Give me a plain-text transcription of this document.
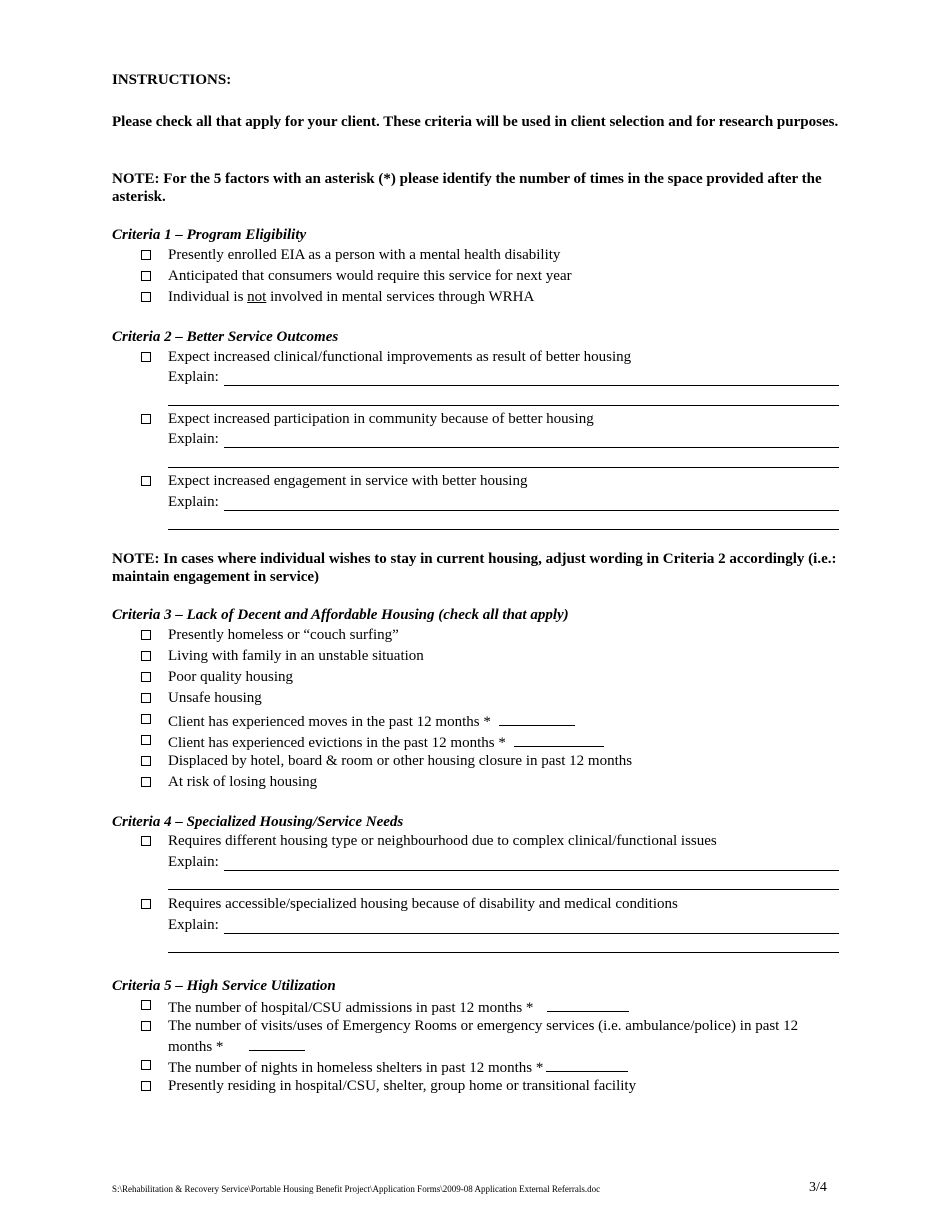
INSTRUCTIONS:
Please check all that apply for your client. These criteria will be used in client selection and for research purposes.
NOTE: For the 5 factors with an asterisk (*) please identify the number of times in the space provided after the asterisk.
Criteria 1 – Program Eligibility
Presently enrolled EIA as a person with a mental health disability
Anticipated that consumers would require this service for next year
Individual is not involved in mental services through WRHA
Criteria 2 – Better Service Outcomes
Expect increased clinical/functional improvements as result of better housing
Explain:
Expect increased participation in community because of better housing
Explain:
Expect increased engagement in service with better housing
Explain:
NOTE: In cases where individual wishes to stay in current housing, adjust wording in Criteria 2 accordingly (i.e.: maintain engagement in service)
Criteria 3 – Lack of Decent and Affordable Housing (check all that apply)
Presently homeless or “couch surfing”
Living with family in an unstable situation
Poor quality housing
Unsafe housing
Client has experienced moves in the past 12 months *
Client has experienced evictions in the past 12 months *
Displaced by hotel, board & room or other housing closure in past 12 months
At risk of losing housing
Criteria 4 – Specialized Housing/Service Needs
Requires different housing type or neighbourhood due to complex clinical/functional issues
Explain:
Requires accessible/specialized housing because of disability and medical conditions
Explain:
Criteria 5 – High Service Utilization
The number of hospital/CSU admissions in past 12 months *
The number of visits/uses of Emergency Rooms or emergency services (i.e. ambulance/police) in past 12
months *
The number of nights in homeless shelters in past 12 months *
Presently residing in hospital/CSU, shelter, group home or transitional facility
S:\Rehabilitation & Recovery Service\Portable Housing Benefit Project\Application Forms\2009-08 Application External Referrals.doc	3/4
